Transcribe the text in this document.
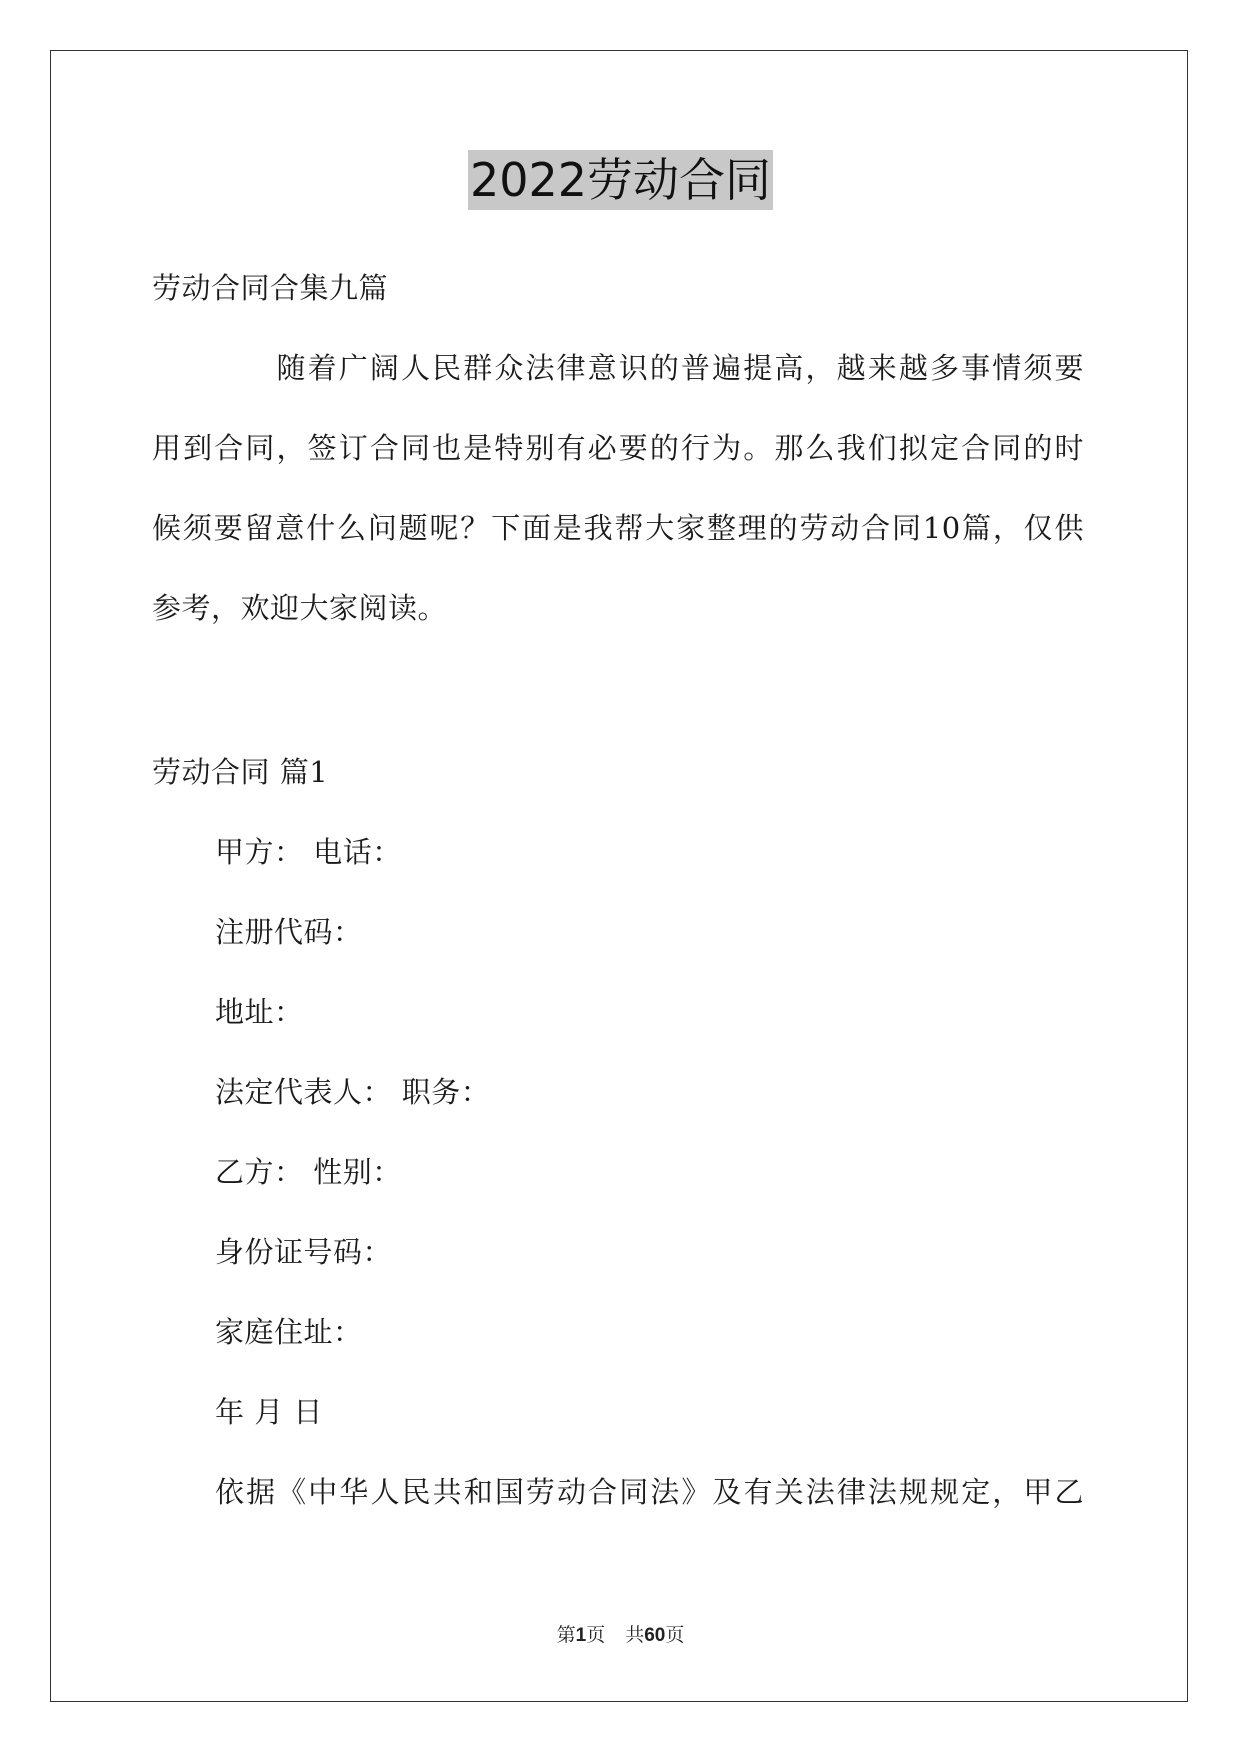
2022劳动合同
劳动合同合集九篇
　　　　随着广阔人民群众法律意识的普遍提高，越来越多事情须要
用到合同，签订合同也是特别有必要的行为。那么我们拟定合同的时
候须要留意什么问题呢？下面是我帮大家整理的劳动合同10篇，仅供
参考，欢迎大家阅读。
劳动合同 篇1
甲方： 电话：
注册代码：
地址：
法定代表人： 职务：
乙方： 性别：
身份证号码：
家庭住址：
年 月 日
依据《中华人民共和国劳动合同法》及有关法律法规规定，甲乙
第1页 共60页
